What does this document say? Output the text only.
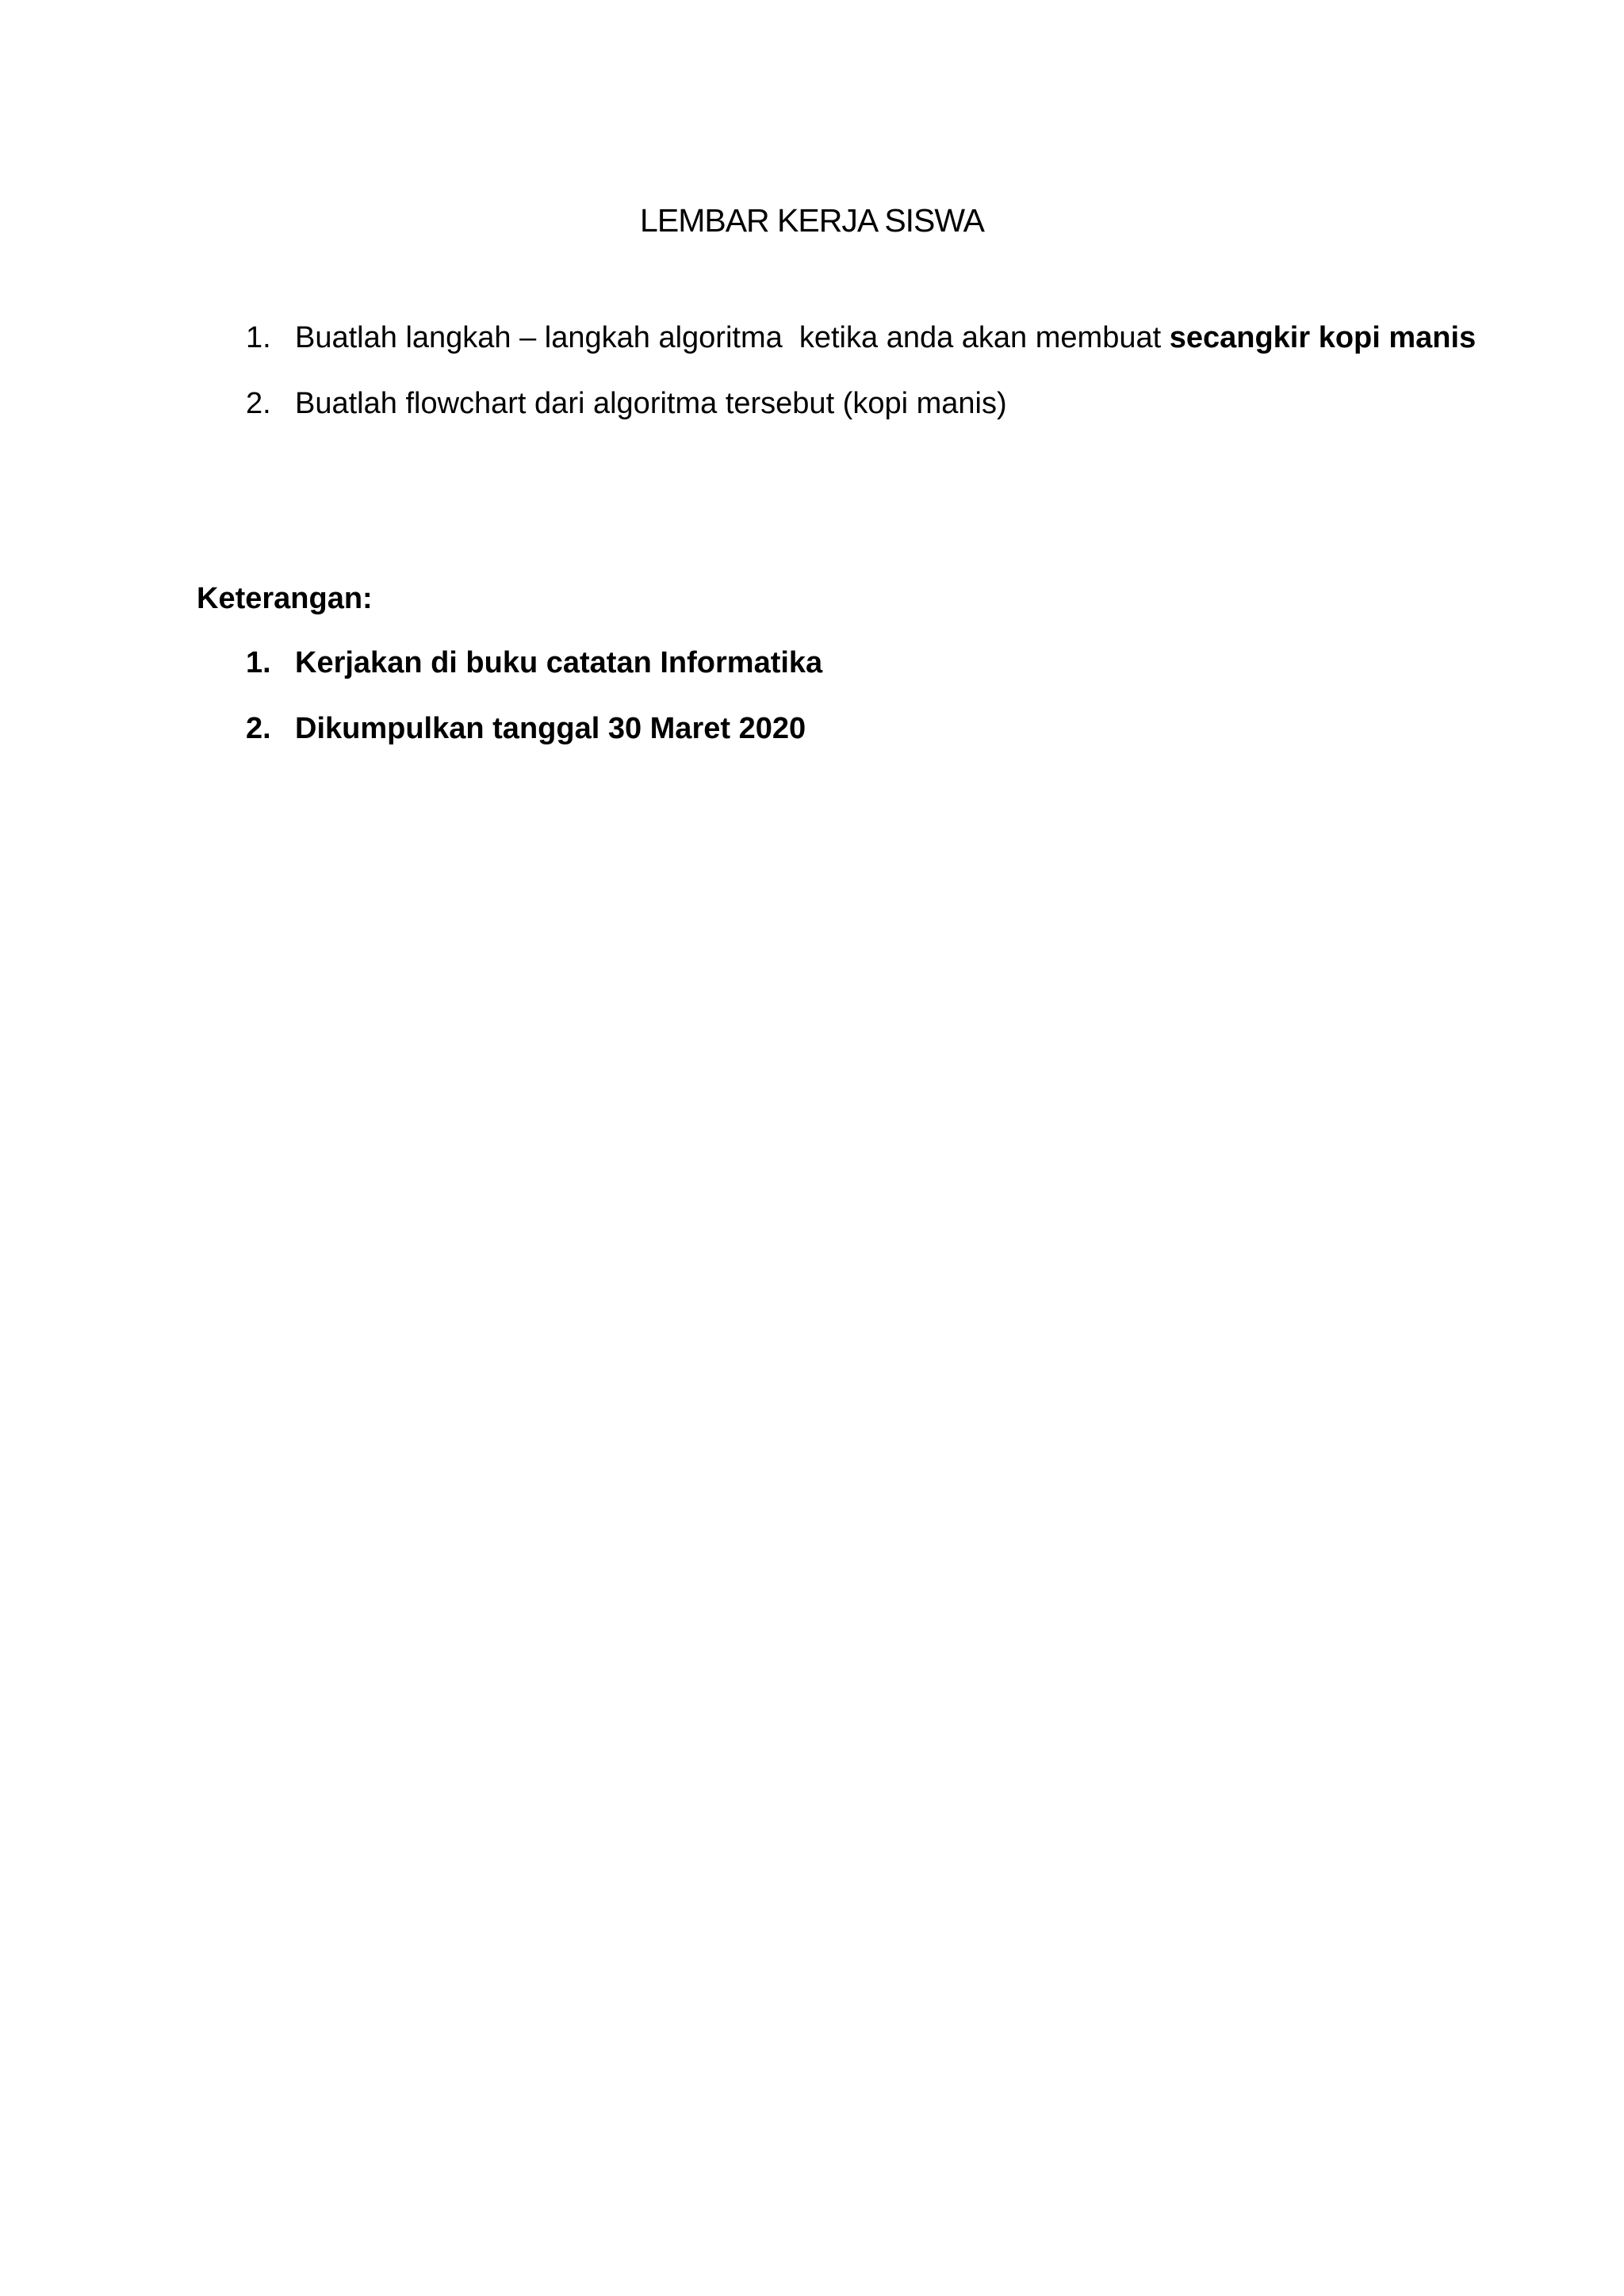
LEMBAR KERJA SISWA
1. Buatlah langkah – langkah algoritma  ketika anda akan membuat secangkir kopi manis
2. Buatlah flowchart dari algoritma tersebut (kopi manis)

Keterangan:

1. Kerjakan di buku catatan Informatika
2. Dikumpulkan tanggal 30 Maret 2020
